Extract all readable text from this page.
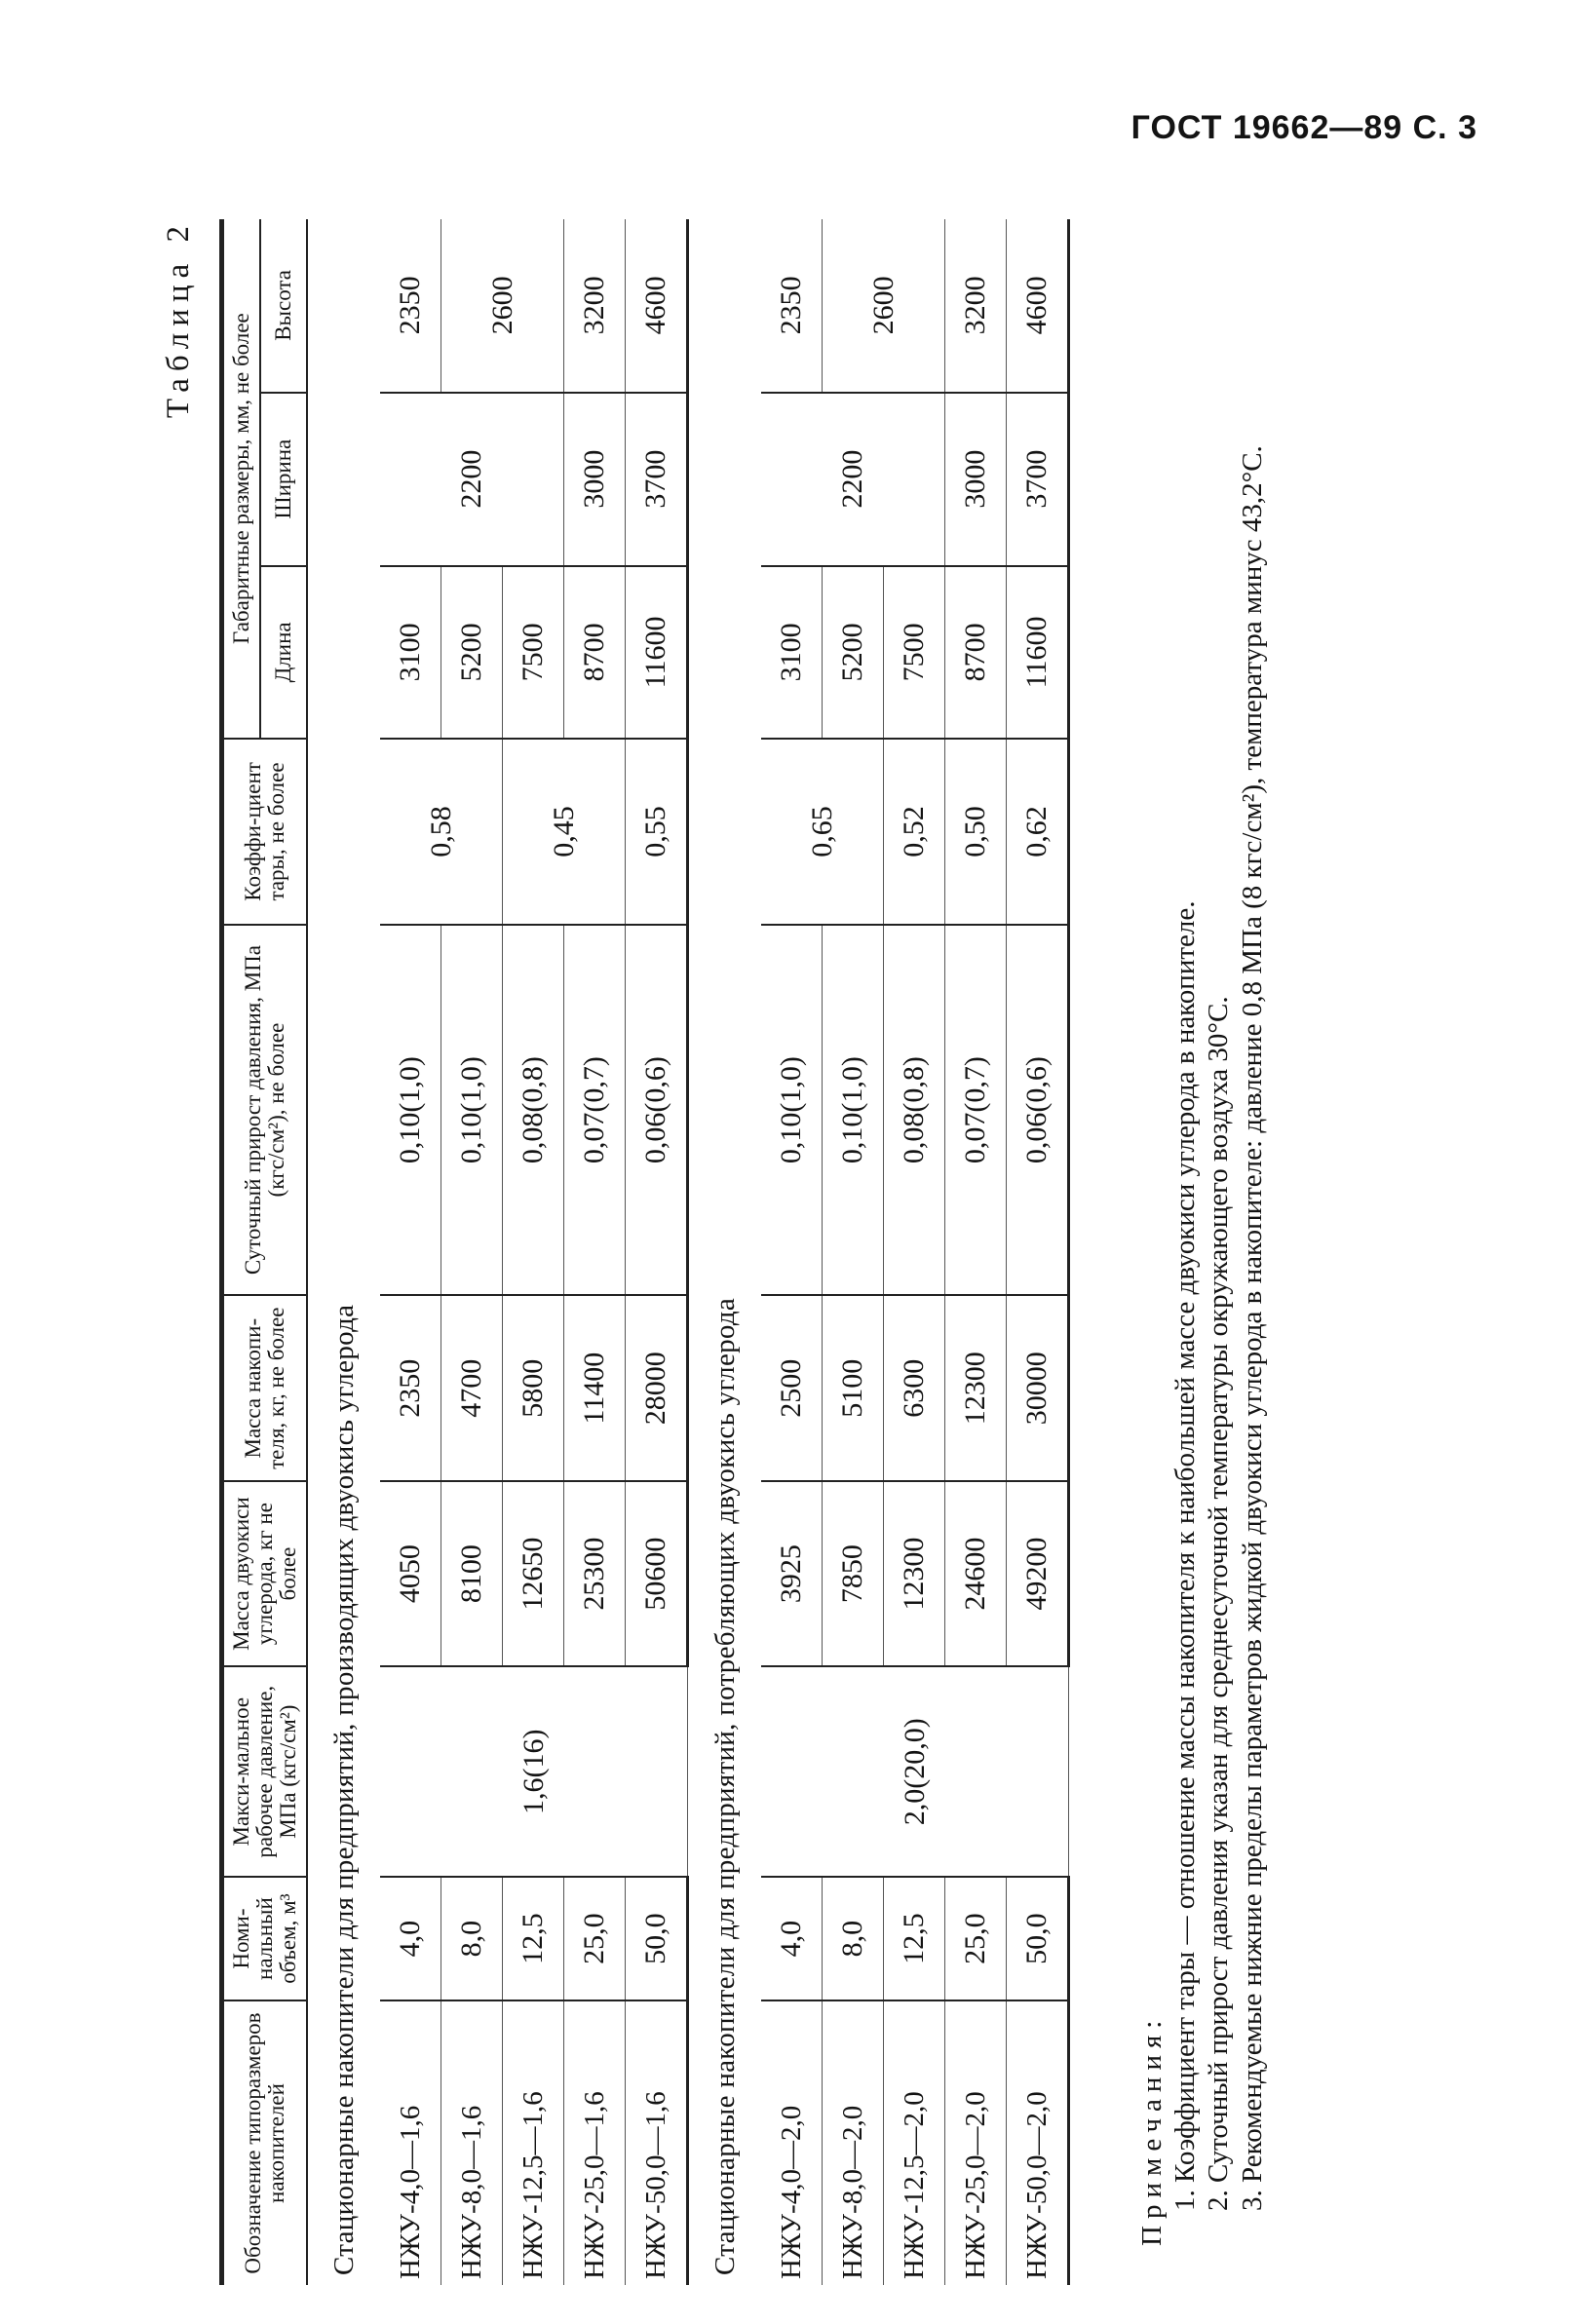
ГОСТ 19662—89 С. 3
Таблица 2
Обозначение типоразмеров накопителей	Номи-нальный объем, м³	Макси-мальное рабочее давление, МПа (кгс/см²)	Масса двуокиси углерода, кг не более	Масса накопи-теля, кг, не более	Суточный прирост давления, МПа (кгс/см²), не более	Коэффи-циент тары, не более	Габаритные размеры, мм, не более		
							Длина	Ширина	Высота

Стационарные накопители для предприятий, производящих двуокись углерода									
НЖУ-4,0—1,6	4,0	1,6(16)	4050	2350	0,10(1,0)	0,58	3100	2200	2350
НЖУ-8,0—1,6	8,0		8100	4700	0,10(1,0)		5200		2600
НЖУ-12,5—1,6	12,5		12650	5800	0,08(0,8)	0,45	7500		
НЖУ-25,0—1,6	25,0		25300	11400	0,07(0,7)		8700	3000	3200
НЖУ-50,0—1,6	50,0		50600	28000	0,06(0,6)	0,55	11600	3700	4600
Стационарные накопители для предприятий, потребляющих двуокись углерода									
НЖУ-4,0—2,0	4,0	2,0(20,0)	3925	2500	0,10(1,0)	0,65	3100	2200	2350
НЖУ-8,0—2,0	8,0		7850	5100	0,10(1,0)		5200		2600
НЖУ-12,5—2,0	12,5		12300	6300	0,08(0,8)	0,52	7500		
НЖУ-25,0—2,0	25,0		24600	12300	0,07(0,7)	0,50	8700	3000	3200
НЖУ-50,0—2,0	50,0		49200	30000	0,06(0,6)	0,62	11600	3700	4600
Примечания: 1. Коэффициент тары — отношение массы накопителя к наибольшей массе двуокиси углерода в накопителе. 2. Суточный прирост давления указан для среднесуточной температуры окружающего воздуха 30°С. 3. Рекомендуемые нижние пределы параметров жидкой двуокиси углерода в накопителе: давление 0,8 МПа (8 кгс/см²), температура минус 43,2°С.
